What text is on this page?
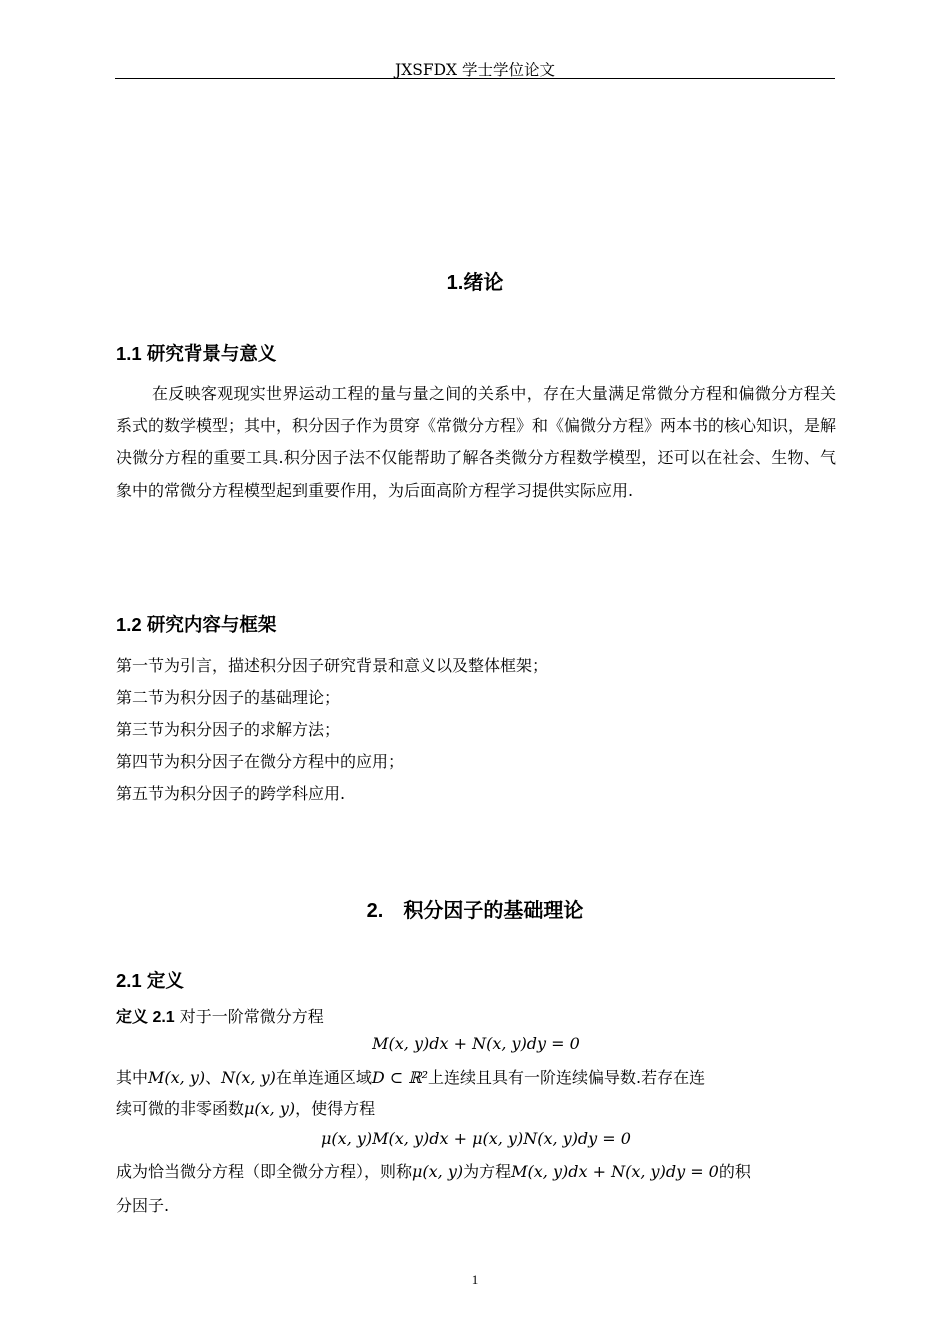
JXSFDX 学士学位论文
1.绪论
1.1 研究背景与意义

在反映客观现实世界运动工程的量与量之间的关系中，存在大量满足常微分方程和偏微分方程关系式的数学模型；其中，积分因子作为贯穿《常微分方程》和《偏微分方程》两本书的核心知识，是解决微分方程的重要工具.积分因子法不仅能帮助了解各类微分方程数学模型，还可以在社会、生物、气象中的常微分方程模型起到重要作用，为后面高阶方程学习提供实际应用.

1.2 研究内容与框架
第一节为引言，描述积分因子研究背景和意义以及整体框架；
第二节为积分因子的基础理论；
第三节为积分因子的求解方法；
第四节为积分因子在微分方程中的应用；
第五节为积分因子的跨学科应用.
2.　积分因子的基础理论
2.1 定义
定义 2.1 对于一阶常微分方程
M(x, y)dx + N(x, y)dy = 0
其中M(x, y)、N(x, y)在单连通区域D ⊂ ℝ²上连续且具有一阶连续偏导数.若存在连
续可微的非零函数μ(x, y)，使得方程
μ(x, y)M(x, y)dx + μ(x, y)N(x, y)dy = 0
成为恰当微分方程（即全微分方程），则称μ(x, y)为方程M(x, y)dx + N(x, y)dy = 0的积
分因子.
1
